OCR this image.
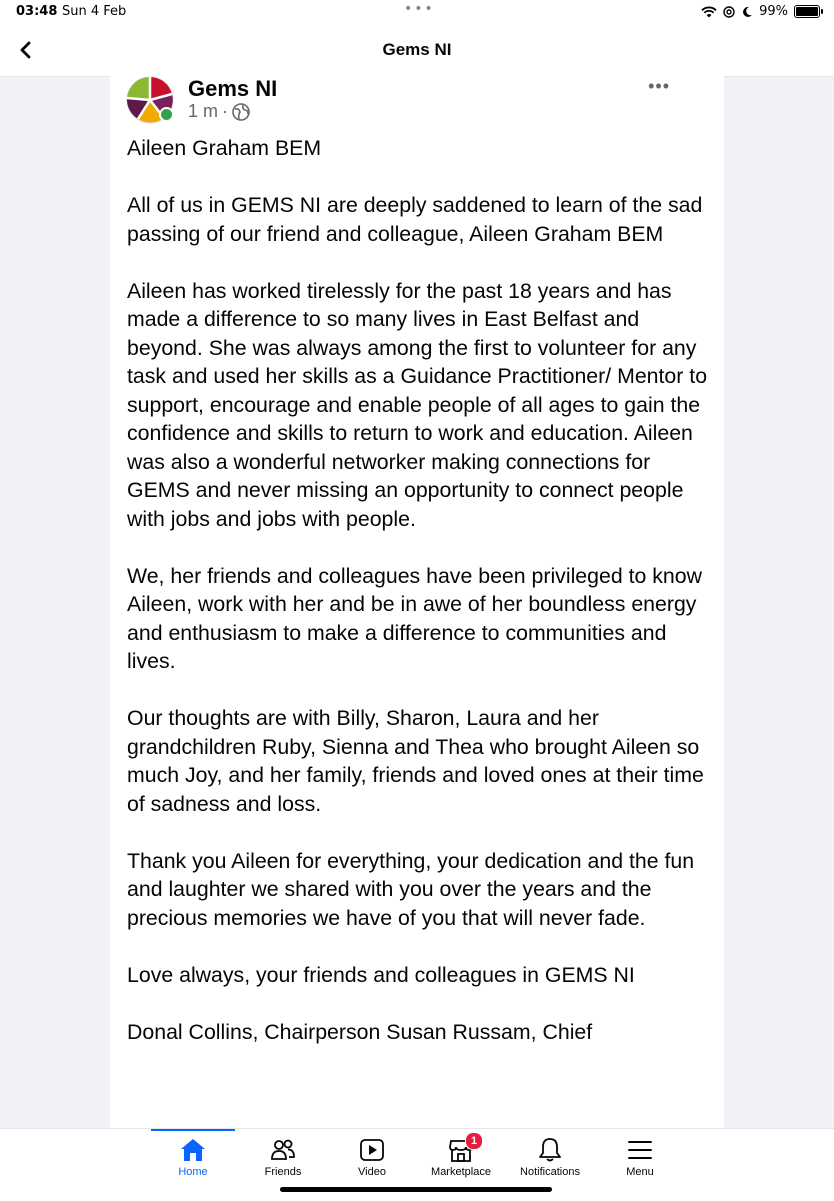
03:48 Sun 4 Feb	•••	99%
Gems NI
Gems NI
1 m ·
•••

Aileen Graham BEM

All of us in GEMS NI are deeply saddened to learn of the sad passing of our friend and colleague, Aileen Graham BEM

Aileen has worked tirelessly for the past 18 years and has made a difference to so many lives in East Belfast and beyond. She was always among the first to volunteer for any task and used her skills as a Guidance Practitioner/ Mentor to support, encourage and enable people of all ages to gain the confidence and skills to return to work and education. Aileen was also a wonderful networker making connections for GEMS and never missing an opportunity to connect people with jobs and jobs with people.

We, her friends and colleagues have been privileged to know Aileen, work with her and be in awe of her boundless energy and enthusiasm to make a difference to communities and lives.

Our thoughts are with Billy, Sharon, Laura and her grandchildren Ruby, Sienna and Thea who brought Aileen so much Joy, and her family, friends and loved ones at their time of sadness and loss.

Thank you Aileen for everything, your dedication and the fun and laughter we shared with you over the years and the precious memories we have of you that will never fade.

Love always, your friends and colleagues in GEMS NI

Donal Collins, Chairperson Susan Russam, Chief

Home	Friends	Video
1
Marketplace	Notifications	Menu
